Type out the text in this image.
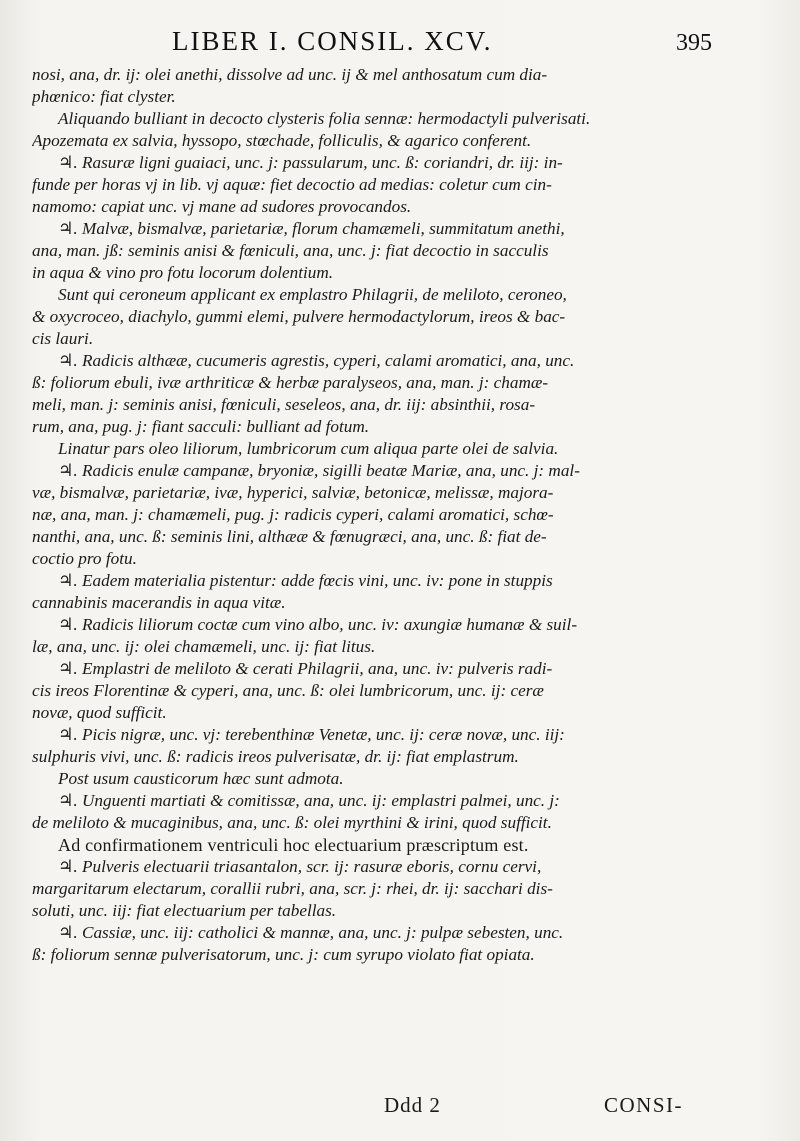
LIBER I. CONSIL. XCV.	395
nosi, ana, dr. ij: olei anethi, dissolve ad unc. ij & mel anthosatum cum dia-
phœnico: fiat clyster.
Aliquando bulliant in decocto clysteris folia sennæ: hermodactyli pulverisati.
Apozemata ex salvia, hyssopo, stœchade, folliculis, & agarico conferent.
♃. Rasuræ ligni guaiaci, unc. j: passularum, unc. ß: coriandri, dr. iij: in-
funde per horas vj in lib. vj aquæ: fiet decoctio ad medias: coletur cum cin-
namomo: capiat unc. vj mane ad sudores provocandos.
♃. Malvæ, bismalvæ, parietariæ, florum chamæmeli, summitatum anethi,
ana, man. jß: seminis anisi & fœniculi, ana, unc. j: fiat decoctio in sacculis
in aqua & vino pro fotu locorum dolentium.
Sunt qui ceroneum applicant ex emplastro Philagrii, de meliloto, ceroneo,
& oxycroceo, diachylo, gummi elemi, pulvere hermodactylorum, ireos & bac-
cis lauri.
♃. Radicis althææ, cucumeris agrestis, cyperi, calami aromatici, ana, unc.
ß: foliorum ebuli, ivæ arthriticæ & herbæ paralyseos, ana, man. j: chamæ-
meli, man. j: seminis anisi, fœniculi, seseleos, ana, dr. iij: absinthii, rosa-
rum, ana, pug. j: fiant sacculi: bulliant ad fotum.
Linatur pars oleo liliorum, lumbricorum cum aliqua parte olei de salvia.
♃. Radicis enulæ campanæ, bryoniæ, sigilli beatæ Mariæ, ana, unc. j: mal-
væ, bismalvæ, parietariæ, ivæ, hyperici, salviæ, betonicæ, melissæ, majora-
næ, ana, man. j: chamæmeli, pug. j: radicis cyperi, calami aromatici, schœ-
nanthi, ana, unc. ß: seminis lini, althææ & fœnugræci, ana, unc. ß: fiat de-
coctio pro fotu.
♃. Eadem materialia pistentur: adde fœcis vini, unc. iv: pone in stuppis
cannabinis macerandis in aqua vitæ.
♃. Radicis liliorum coctæ cum vino albo, unc. iv: axungiæ humanæ & suil-
læ, ana, unc. ij: olei chamæmeli, unc. ij: fiat litus.
♃. Emplastri de meliloto & cerati Philagrii, ana, unc. iv: pulveris radi-
cis ireos Florentinæ & cyperi, ana, unc. ß: olei lumbricorum, unc. ij: ceræ
novæ, quod sufficit.
♃. Picis nigræ, unc. vj: terebenthinæ Venetæ, unc. ij: ceræ novæ, unc. iij:
sulphuris vivi, unc. ß: radicis ireos pulverisatæ, dr. ij: fiat emplastrum.
Post usum causticorum hæc sunt admota.
♃. Unguenti martiati & comitissæ, ana, unc. ij: emplastri palmei, unc. j:
de meliloto & mucaginibus, ana, unc. ß: olei myrthini & irini, quod sufficit.
Ad confirmationem ventriculi hoc electuarium præscriptum est.
♃. Pulveris electuarii triasantalon, scr. ij: rasuræ eboris, cornu cervi,
margaritarum electarum, corallii rubri, ana, scr. j: rhei, dr. ij: sacchari dis-
soluti, unc. iij: fiat electuarium per tabellas.
♃. Cassiæ, unc. iij: catholici & mannæ, ana, unc. j: pulpæ sebesten, unc.
ß: foliorum sennæ pulverisatorum, unc. j: cum syrupo violato fiat opiata.
Ddd 2	CONSI-
